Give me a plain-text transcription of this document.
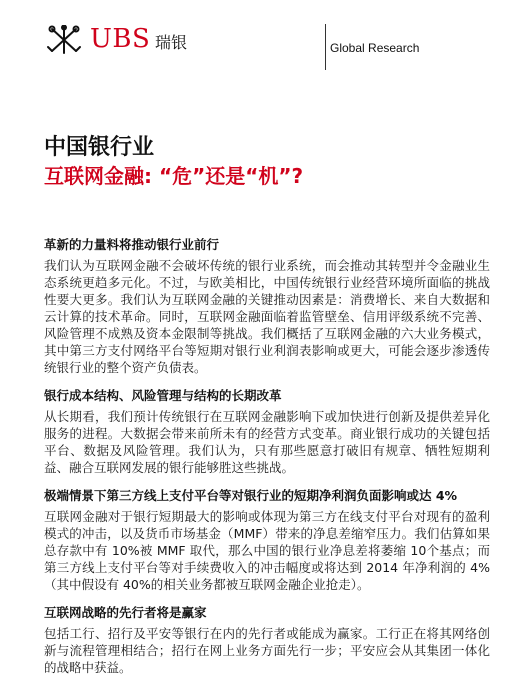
UBS 瑞银	Global Research
中国银行业
互联网金融: “危”还是“机”?

革新的力量料将推动银行业前行

我们认为互联网金融不会破坏传统的银行业系统，而会推动其转型并令金融业生态系统更趋多元化。不过，与欧美相比，中国传统银行业经营环境所面临的挑战性要大更多。我们认为互联网金融的关键推动因素是：消费增长、来自大数据和云计算的技术革命。同时，互联网金融面临着监管壁垒、信用评级系统不完善、风险管理不成熟及资本金限制等挑战。我们概括了互联网金融的六大业务模式，其中第三方支付网络平台等短期对银行业利润表影响或更大，可能会逐步渗透传统银行业的整个资产负债表。

银行成本结构、风险管理与结构的长期改革

从长期看，我们预计传统银行在互联网金融影响下或加快进行创新及提供差异化服务的进程。大数据会带来前所未有的经营方式变革。商业银行成功的关键包括平台、数据及风险管理。我们认为，只有那些愿意打破旧有规章、牺牲短期利益、融合互联网发展的银行能够胜这些挑战。

极端情景下第三方线上支付平台等对银行业的短期净利润负面影响或达 4%

互联网金融对于银行短期最大的影响或体现为第三方在线支付平台对现有的盈利模式的冲击，以及货币市场基金（MMF）带来的净息差缩窄压力。我们估算如果总存款中有 10%被 MMF 取代，那么中国的银行业净息差将萎缩 10个基点；而第三方线上支付平台等对手续费收入的冲击幅度或将达到 2014 年净利润的 4%（其中假设有 40%的相关业务都被互联网金融企业抢走）。

互联网战略的先行者将是赢家

包括工行、招行及平安等银行在内的先行者或能成为赢家。工行正在将其网络创新与流程管理相结合；招行在网上业务方面先行一步；平安应会从其集团一体化的战略中获益。
